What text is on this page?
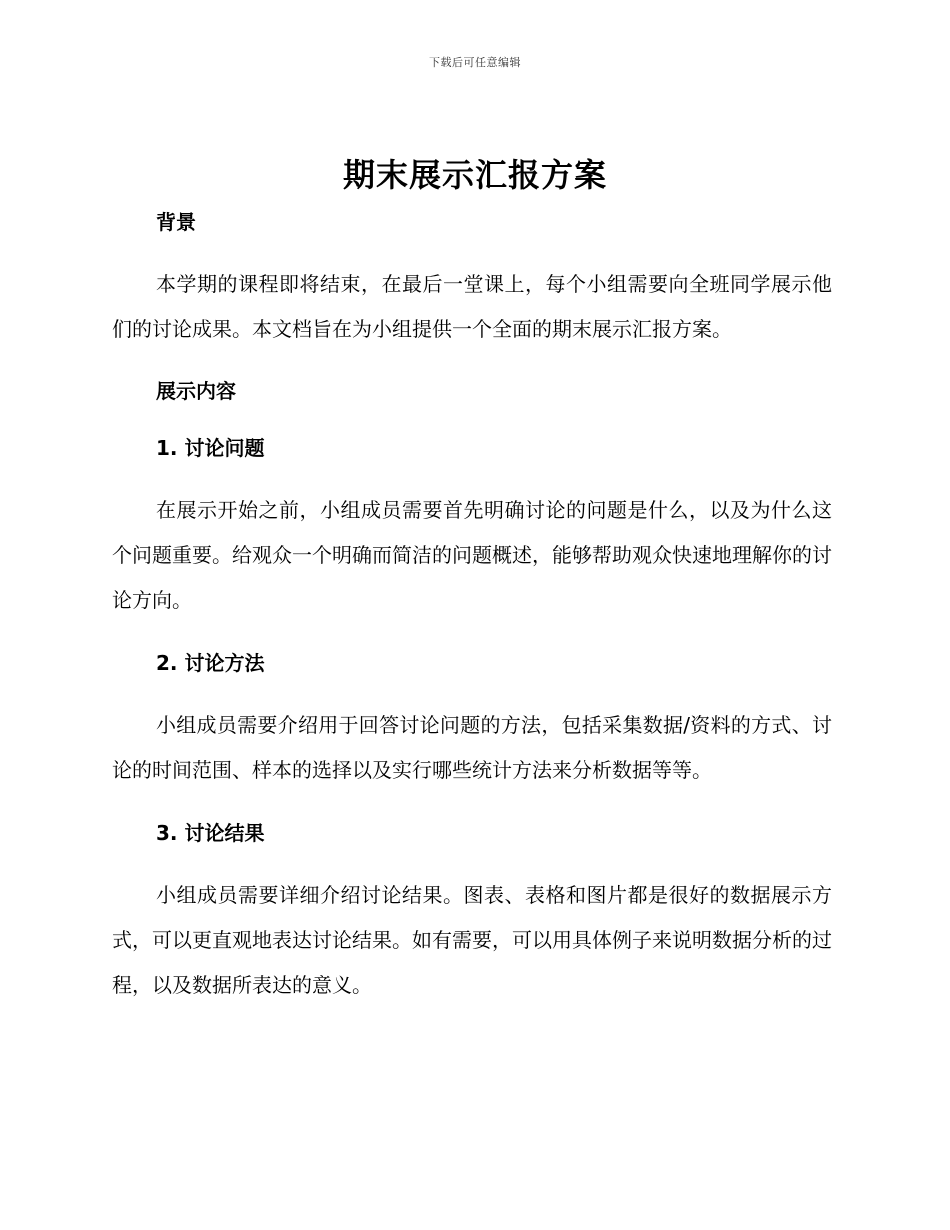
下载后可任意编辑
期末展示汇报方案

背景

本学期的课程即将结束，在最后一堂课上，每个小组需要向全班同学展示他们的讨论成果。本文档旨在为小组提供一个全面的期末展示汇报方案。

展示内容

1. 讨论问题

在展示开始之前，小组成员需要首先明确讨论的问题是什么，以及为什么这个问题重要。给观众一个明确而简洁的问题概述，能够帮助观众快速地理解你的讨论方向。

2. 讨论方法

小组成员需要介绍用于回答讨论问题的方法，包括采集数据/资料的方式、讨论的时间范围、样本的选择以及实行哪些统计方法来分析数据等等。

3. 讨论结果

小组成员需要详细介绍讨论结果。图表、表格和图片都是很好的数据展示方式，可以更直观地表达讨论结果。如有需要，可以用具体例子来说明数据分析的过程，以及数据所表达的意义。
